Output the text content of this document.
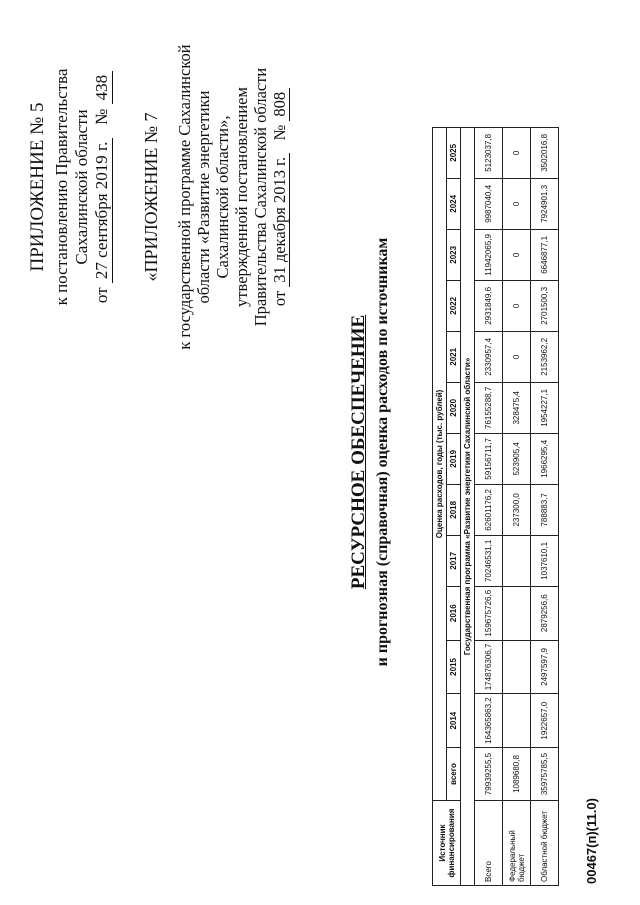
ПРИЛОЖЕНИЕ № 5 к постановлению Правительства Сахалинской области
от 27 сентября 2019 г.   № 438
«ПРИЛОЖЕНИЕ № 7 к государственной программе Сахалинской области «Развитие энергетики Сахалинской области», утвержденной постановлением Правительства Сахалинской области от 31 декабря 2013 г.   № 808
РЕСУРСНОЕ ОБЕСПЕЧЕНИЕ и прогнозная (справочная) оценка расходов по источникам
Источник финансирования	Оценка расходов, годы (тыс. рублей)												
	всего	2014	2015	2016	2017	2018	2019	2020	2021	2022	2023	2024	2025
Государственная программа «Развитие энергетики Сахалинской области»													
Всего	79939255,5	164365863,2	174876306,7	159675726,6	70246531,1	62601176,2	59156711,7	76155288,7	2330957,4	2931849,6	11942065,9	9987040,4	5123037,8
Федеральный бюджет	1089680,8					237300,0	523905,4	328475,4	0	0	0	0	0
Областной бюджет	35975785,5	1922657,0	2497597,9	2879256,6	1037610,1	788883,7	1966295,4	1954227,1	2153962,2	2701500,3	6646877,1	7924901,3	3502016,8
00467(п)(11.0)
